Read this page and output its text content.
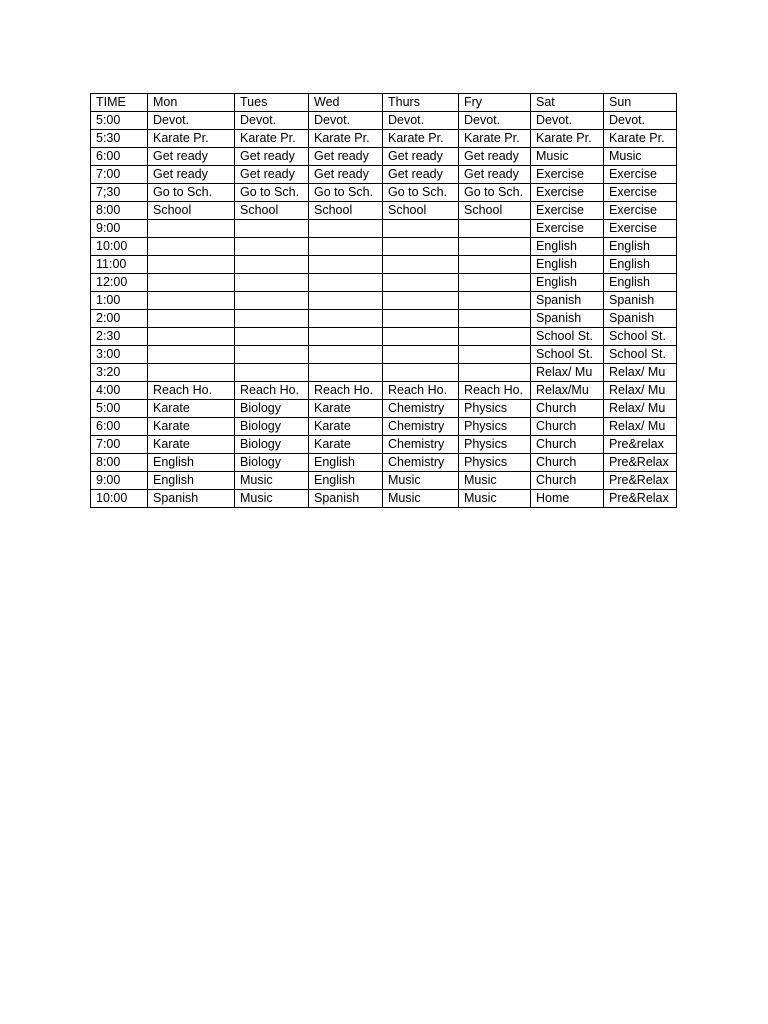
TIME	Mon	Tues	Wed	Thurs	Fry	Sat	Sun
5:00	Devot.	Devot.	Devot.	Devot.	Devot.	Devot.	Devot.
5:30	Karate Pr.	Karate Pr.	Karate Pr.	Karate Pr.	Karate Pr.	Karate Pr.	Karate Pr.
6:00	Get ready	Get ready	Get ready	Get ready	Get ready	Music	Music
7:00	Get ready	Get ready	Get ready	Get ready	Get ready	Exercise	Exercise
7;30	Go to Sch.	Go to Sch.	Go to Sch.	Go to Sch.	Go to Sch.	Exercise	Exercise
8:00	School	School	School	School	School	Exercise	Exercise
9:00						Exercise	Exercise
10:00						English	English
11:00						English	English
12:00						English	English
1:00						Spanish	Spanish
2:00						Spanish	Spanish
2:30						School St.	School St.
3:00						School St.	School St.
3:20						Relax/ Mu	Relax/ Mu
4:00	Reach Ho.	Reach Ho.	Reach Ho.	Reach Ho.	Reach Ho.	Relax/Mu	Relax/ Mu
5:00	Karate	Biology	Karate	Chemistry	Physics	Church	Relax/ Mu
6:00	Karate	Biology	Karate	Chemistry	Physics	Church	Relax/ Mu
7:00	Karate	Biology	Karate	Chemistry	Physics	Church	Pre&relax
8:00	English	Biology	English	Chemistry	Physics	Church	Pre&Relax
9:00	English	Music	English	Music	Music	Church	Pre&Relax
10:00	Spanish	Music	Spanish	Music	Music	Home	Pre&Relax
